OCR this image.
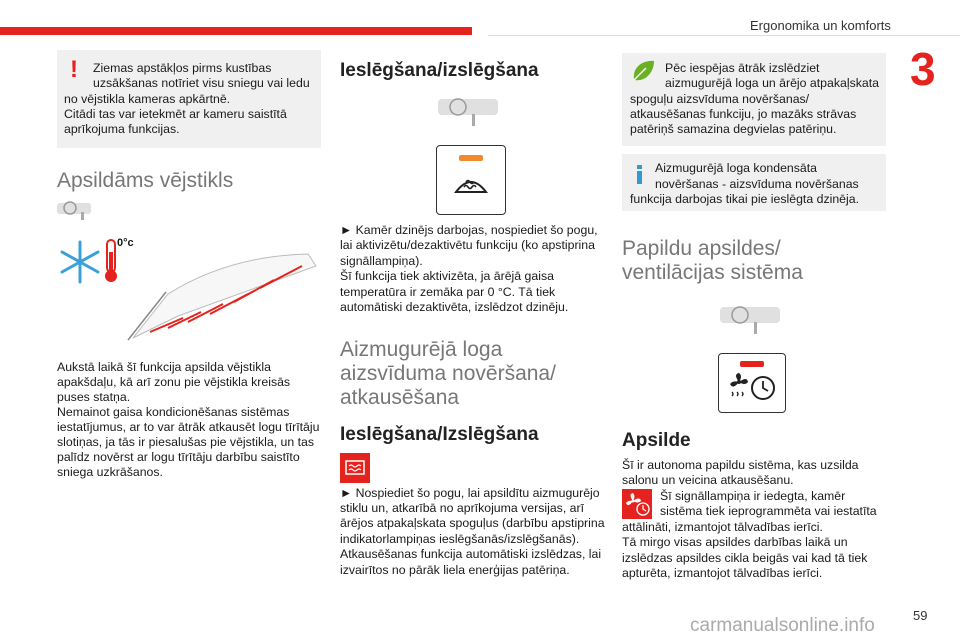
Ergonomika un komforts
3
! Ziemas apstākļos pirms kustības
uzsākšanas notīriet visu sniegu vai ledu
no vējstikla kameras apkārtnē.
Citādi tas var ietekmēt ar kameru saistītā
aprīkojuma funkcijas.
Apsildāms vējstikls
0°c
Aukstā laikā šī funkcija apsilda vējstikla
apakšdaļu, kā arī zonu pie vējstikla kreisās
puses statņa.
Nemainot gaisa kondicionēšanas sistēmas
iestatījumus, ar to var ātrāk atkausēt logu tīrītāju
slotiņas, ja tās ir piesalušas pie vējstikla, un tas
palīdz novērst ar logu tīrītāju darbību saistīto
sniega uzkrāšanos.
Ieslēgšana/izslēgšana
► Kamēr dzinējs darbojas, nospiediet šo pogu,
lai aktivizētu/dezaktivētu funkciju (ko apstiprina
signāllampiņa).
Šī funkcija tiek aktivizēta, ja ārējā gaisa
temperatūra ir zemāka par 0 °C. Tā tiek
automātiski dezaktivēta, izslēdzot dzinēju.
Aizmugurējā loga
aizsvīduma novēršana/
atkausēšana
Ieslēgšana/Izslēgšana
► Nospiediet šo pogu, lai apsildītu aizmugurējo
stiklu un, atkarībā no aprīkojuma versijas, arī
ārējos atpakaļskata spoguļus (darbību apstiprina
indikatorlampiņas ieslēgšanās/izslēgšanās).
Atkausēšanas funkcija automātiski izslēdzas, lai
izvairītos no pārāk liela enerģijas patēriņa.
Pēc iespējas ātrāk izslēdziet
aizmugurējā loga un ārējo atpakaļskata
spoguļu aizsvīduma novēršanas/
atkausēšanas funkciju, jo mazāks strāvas
patēriņš samazina degvielas patēriņu.
Aizmugurējā loga kondensāta
novēršanas - aizsvīduma novēršanas
funkcija darbojas tikai pie ieslēgta dzinēja.
Papildu apsildes/
ventilācijas sistēma
Apsilde
Šī ir autonoma papildu sistēma, kas uzsilda
salonu un veicina atkausēšanu.
Šī signāllampiņa ir iedegta, kamēr
sistēma tiek ieprogrammēta vai iestatīta
attālināti, izmantojot tālvadības ierīci.
Tā mirgo visas apsildes darbības laikā un
izslēdzas apsildes cikla beigās vai kad tā tiek
apturēta, izmantojot tālvadības ierīci.
carmanualsonline.info	59
